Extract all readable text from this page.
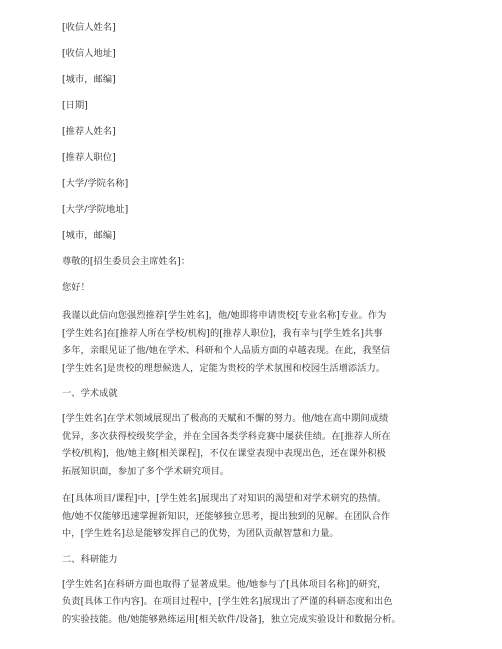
[收信人姓名]
[收信人地址]
[城市，邮编]
[日期]
[推荐人姓名]
[推荐人职位]
[大学/学院名称]
[大学/学院地址]
[城市，邮编]
尊敬的[招生委员会主席姓名]：
您好！
我谨以此信向您强烈推荐[学生姓名]，他/她即将申请贵校[专业名称]专业。作为
[学生姓名]在[推荐人所在学校/机构]的[推荐人职位]，我有幸与[学生姓名]共事
多年，亲眼见证了他/她在学术、科研和个人品质方面的卓越表现。在此，我坚信
[学生姓名]是贵校的理想候选人，定能为贵校的学术氛围和校园生活增添活力。
一、学术成就
[学生姓名]在学术领域展现出了极高的天赋和不懈的努力。他/她在高中期间成绩
优异，多次获得校级奖学金，并在全国各类学科竞赛中屡获佳绩。在[推荐人所在
学校/机构]，他/她主修[相关课程]，不仅在课堂表现中表现出色，还在课外积极
拓展知识面，参加了多个学术研究项目。
在[具体项目/课程]中，[学生姓名]展现出了对知识的渴望和对学术研究的热情。
他/她不仅能够迅速掌握新知识，还能够独立思考，提出独到的见解。在团队合作
中，[学生姓名]总是能够发挥自己的优势，为团队贡献智慧和力量。
二、科研能力
[学生姓名]在科研方面也取得了显著成果。他/她参与了[具体项目名称]的研究，
负责[具体工作内容]。在项目过程中，[学生姓名]展现出了严谨的科研态度和出色
的实验技能。他/她能够熟练运用[相关软件/设备]，独立完成实验设计和数据分析。
